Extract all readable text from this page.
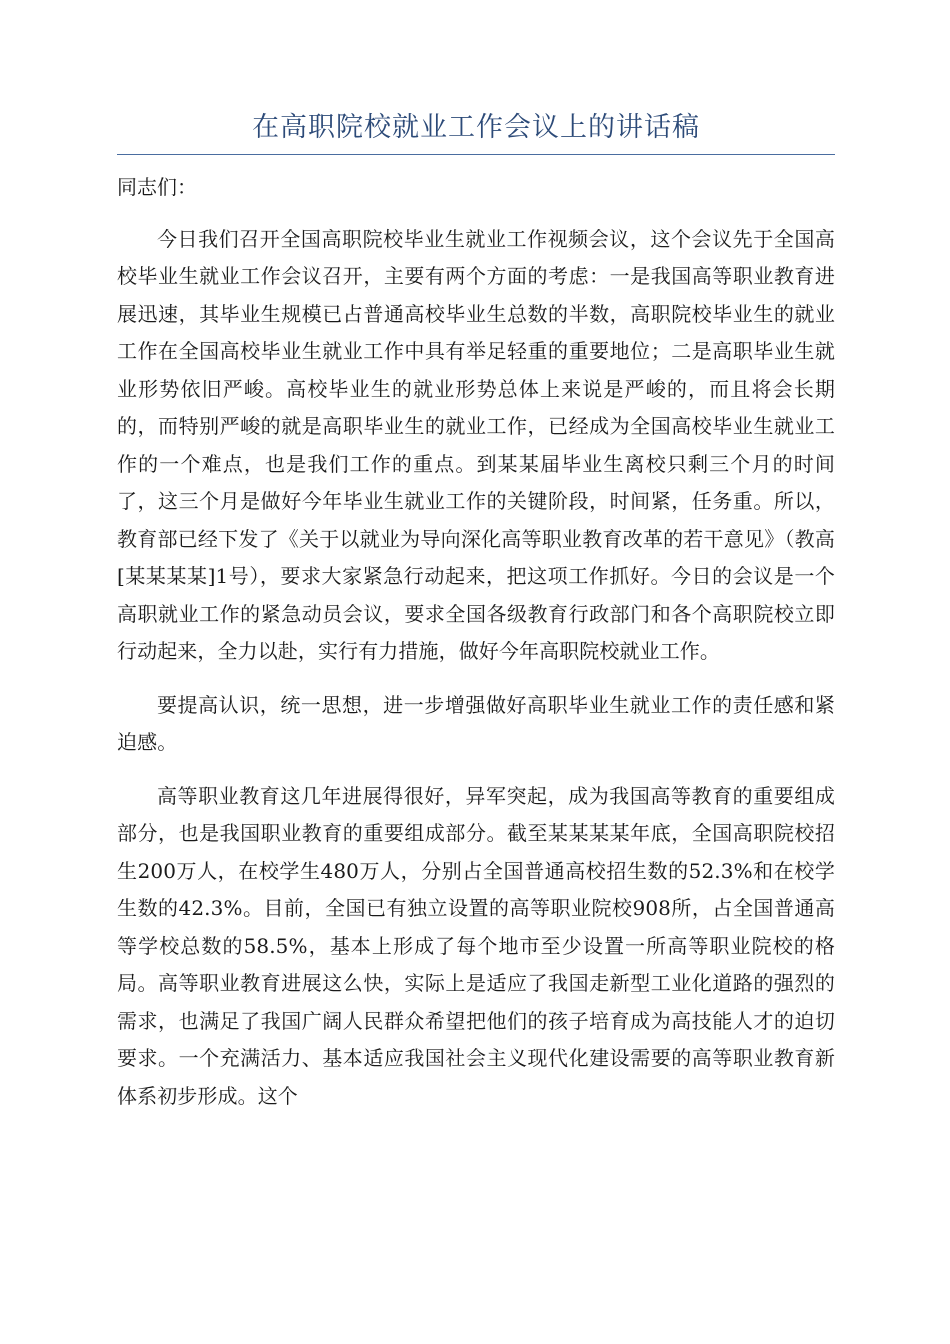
在高职院校就业工作会议上的讲话稿

同志们：

今日我们召开全国高职院校毕业生就业工作视频会议，这个会议先于全国高校毕业生就业工作会议召开，主要有两个方面的考虑：一是我国高等职业教育进展迅速，其毕业生规模已占普通高校毕业生总数的半数，高职院校毕业生的就业工作在全国高校毕业生就业工作中具有举足轻重的重要地位；二是高职毕业生就业形势依旧严峻。高校毕业生的就业形势总体上来说是严峻的，而且将会长期的，而特别严峻的就是高职毕业生的就业工作，已经成为全国高校毕业生就业工作的一个难点，也是我们工作的重点。到某某届毕业生离校只剩三个月的时间了，这三个月是做好今年毕业生就业工作的关键阶段，时间紧，任务重。所以，教育部已经下发了《关于以就业为导向深化高等职业教育改革的若干意见》（教高[某某某某]1号），要求大家紧急行动起来，把这项工作抓好。今日的会议是一个高职就业工作的紧急动员会议，要求全国各级教育行政部门和各个高职院校立即行动起来，全力以赴，实行有力措施，做好今年高职院校就业工作。

要提高认识，统一思想，进一步增强做好高职毕业生就业工作的责任感和紧迫感。

高等职业教育这几年进展得很好，异军突起，成为我国高等教育的重要组成部分，也是我国职业教育的重要组成部分。截至某某某某年底，全国高职院校招生200万人，在校学生480万人，分别占全国普通高校招生数的52.3%和在校学生数的42.3%。目前，全国已有独立设置的高等职业院校908所，占全国普通高等学校总数的58.5%，基本上形成了每个地市至少设置一所高等职业院校的格局。高等职业教育进展这么快，实际上是适应了我国走新型工业化道路的强烈的需求，也满足了我国广阔人民群众希望把他们的孩子培育成为高技能人才的迫切要求。一个充满活力、基本适应我国社会主义现代化建设需要的高等职业教育新体系初步形成。这个
